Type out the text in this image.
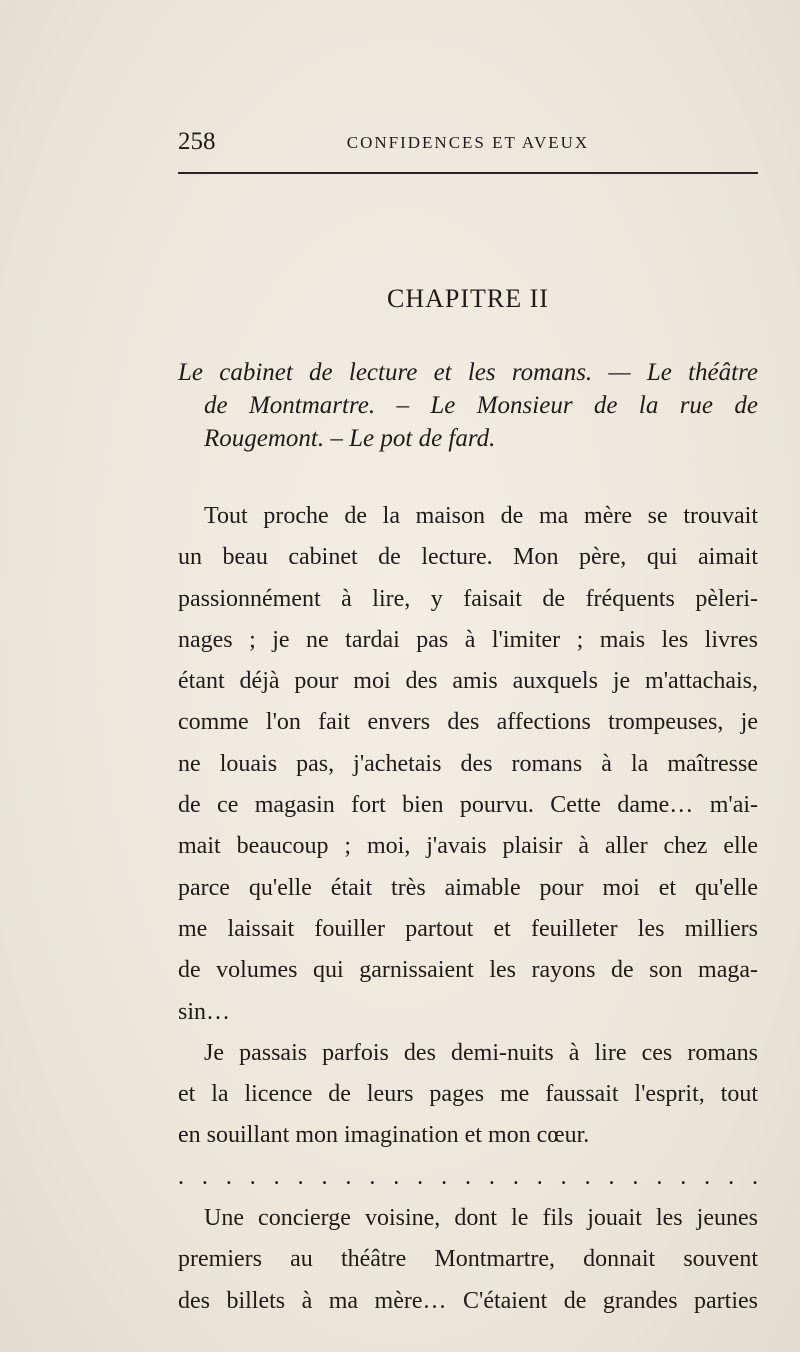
258	CONFIDENCES ET AVEUX
CHAPITRE II
Le cabinet de lecture et les romans. — Le théâtre
de Montmartre. – Le Monsieur de la rue de
Rougemont. – Le pot de fard.
Tout proche de la maison de ma mère se trouvait
un beau cabinet de lecture. Mon père, qui aimait
passionnément à lire, y faisait de fréquents pèleri-
nages ; je ne tardai pas à l'imiter ; mais les livres
étant déjà pour moi des amis auxquels je m'attachais,
comme l'on fait envers des affections trompeuses, je
ne louais pas, j'achetais des romans à la maîtresse
de ce magasin fort bien pourvu. Cette dame… m'ai-
mait beaucoup ; moi, j'avais plaisir à aller chez elle
parce qu'elle était très aimable pour moi et qu'elle
me laissait fouiller partout et feuilleter les milliers
de volumes qui garnissaient les rayons de son maga-
sin…
Je passais parfois des demi-nuits à lire ces romans
et la licence de leurs pages me faussait l'esprit, tout
en souillant mon imagination et mon cœur.
. . . . . . . . . . . . . . . . . . . . . . . . .
Une concierge voisine, dont le fils jouait les jeunes
premiers au théâtre Montmartre, donnait souvent
des billets à ma mère… C'étaient de grandes parties
